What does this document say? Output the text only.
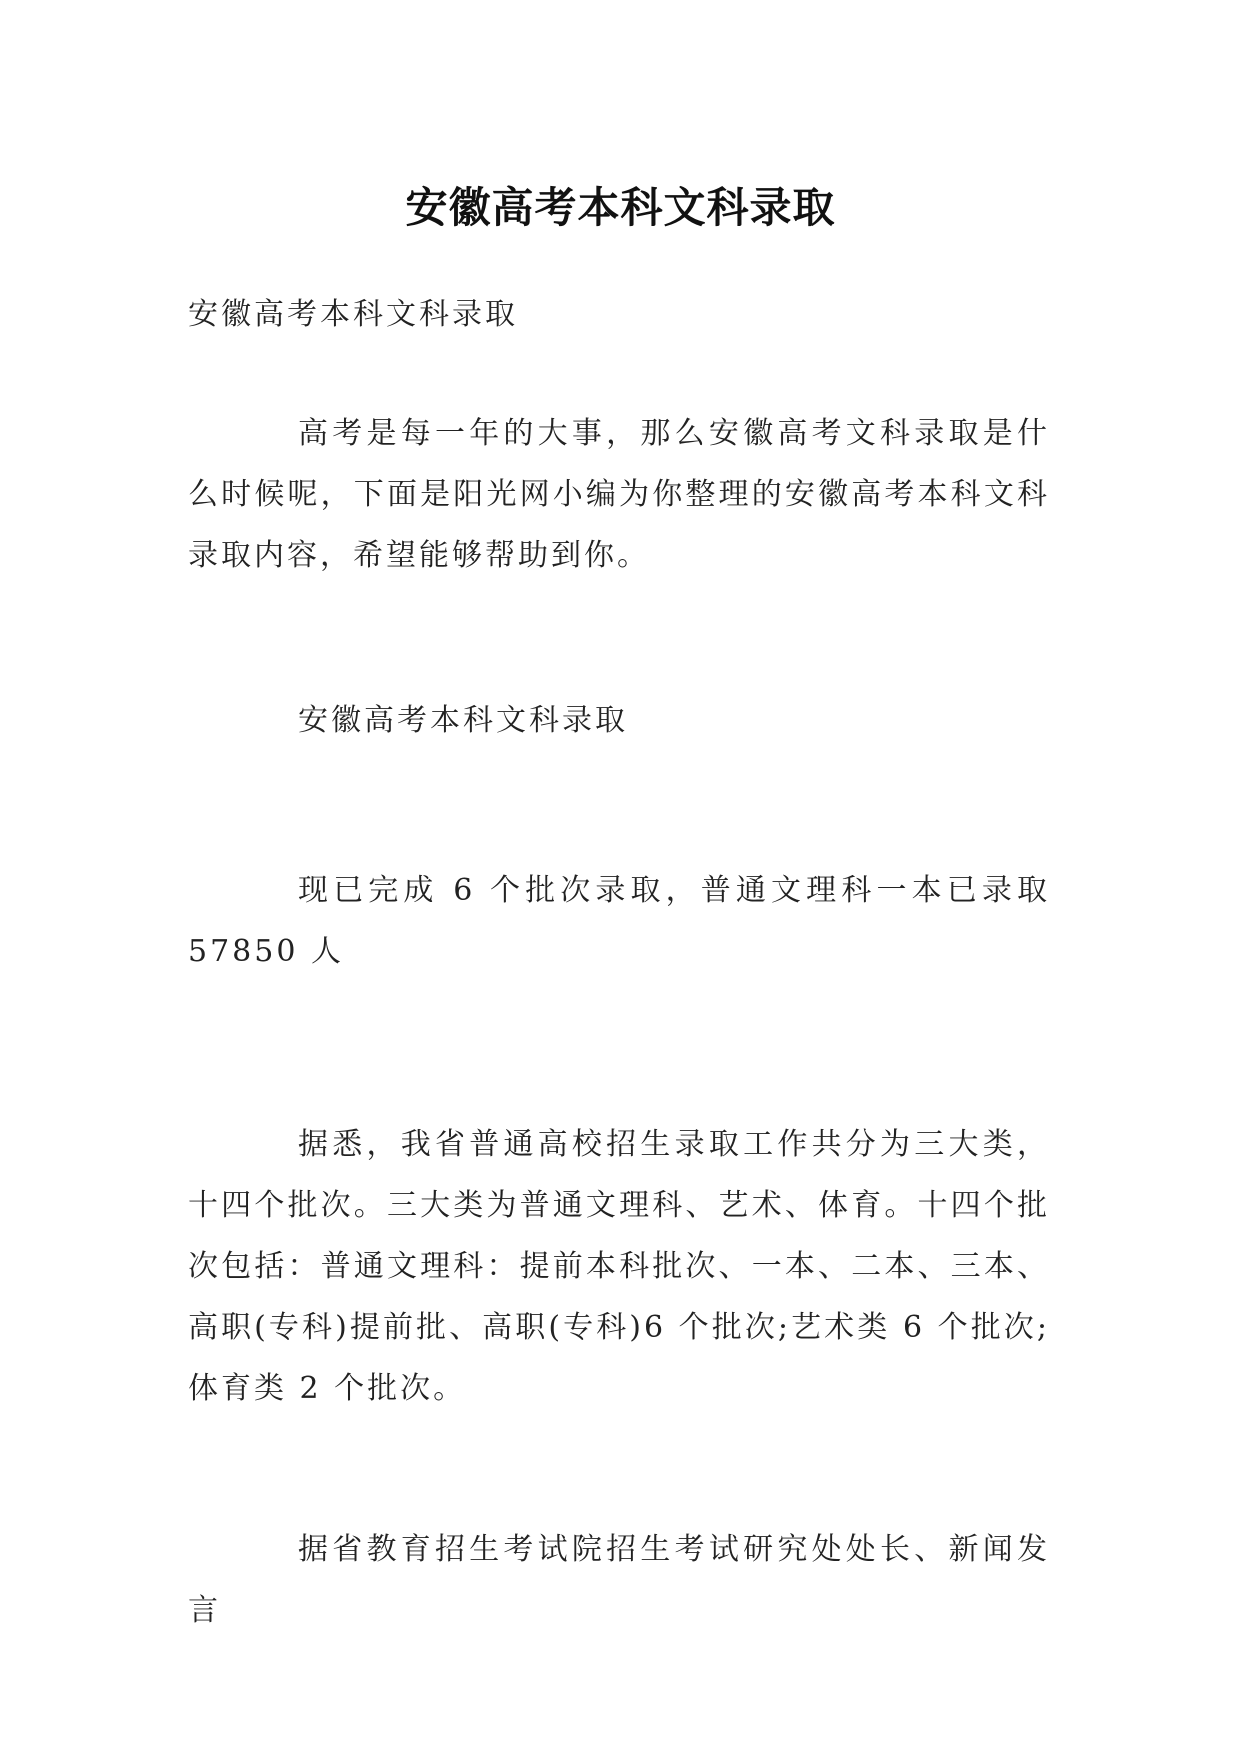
安徽高考本科文科录取

安徽高考本科文科录取

高考是每一年的大事，那么安徽高考文科录取是什么时候呢，下面是阳光网小编为你整理的安徽高考本科文科录取内容，希望能够帮助到你。

安徽高考本科文科录取

现已完成 6 个批次录取，普通文理科一本已录取 57850 人

据悉，我省普通高校招生录取工作共分为三大类，十四个批次。三大类为普通文理科、艺术、体育。十四个批次包括：普通文理科：提前本科批次、一本、二本、三本、高职(专科)提前批、高职(专科)6 个批次;艺术类 6 个批次;体育类 2 个批次。

据省教育招生考试院招生考试研究处处长、新闻发言
